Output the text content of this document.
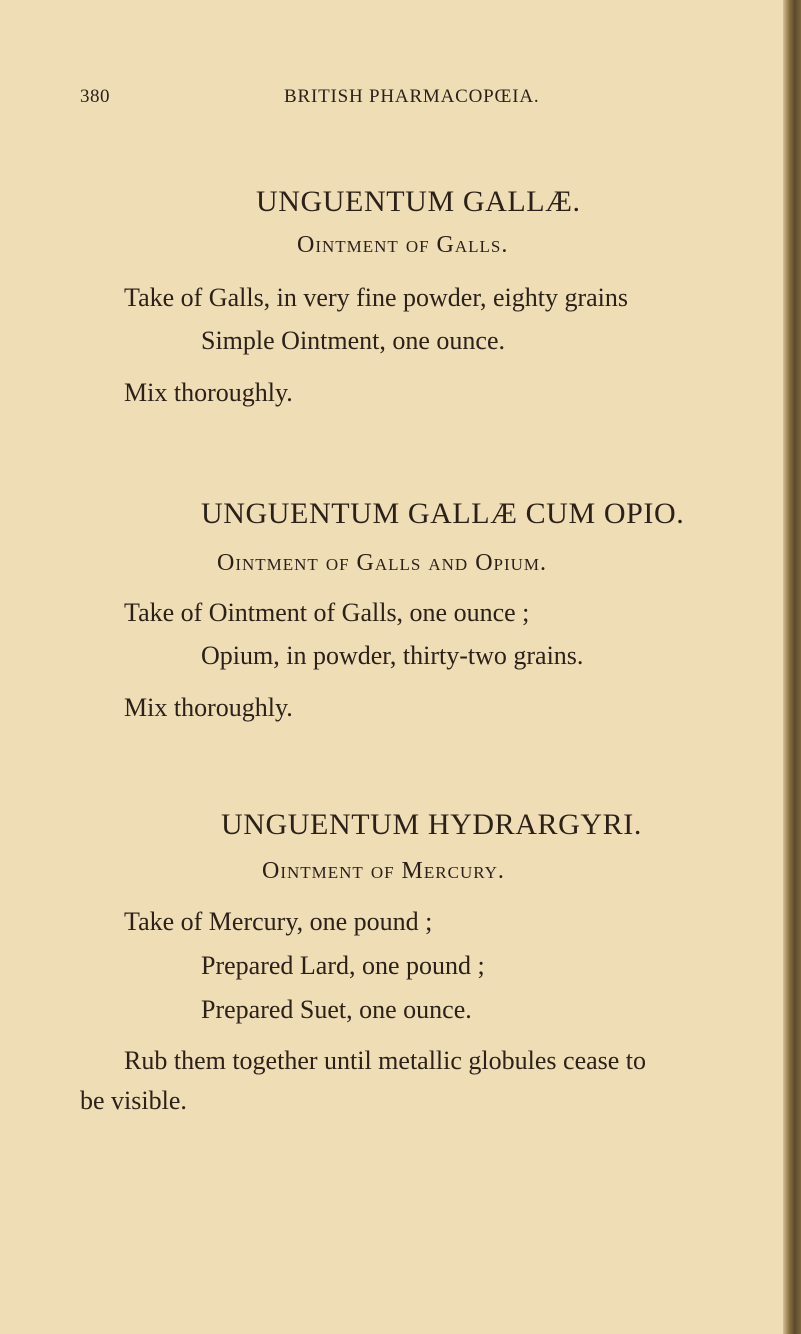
380	BRITISH PHARMACOPŒIA.
UNGUENTUM GALLÆ.
Ointment of Galls.
Take of Galls, in very fine powder, eighty grains
Simple Ointment, one ounce.
Mix thoroughly.
UNGUENTUM GALLÆ CUM OPIO.
Ointment of Galls and Opium.
Take of Ointment of Galls, one ounce ;
Opium, in powder, thirty-two grains.
Mix thoroughly.
UNGUENTUM HYDRARGYRI.
Ointment of Mercury.
Take of Mercury, one pound ;
Prepared Lard, one pound ;
Prepared Suet, one ounce.
Rub them together until metallic globules cease to
be visible.
